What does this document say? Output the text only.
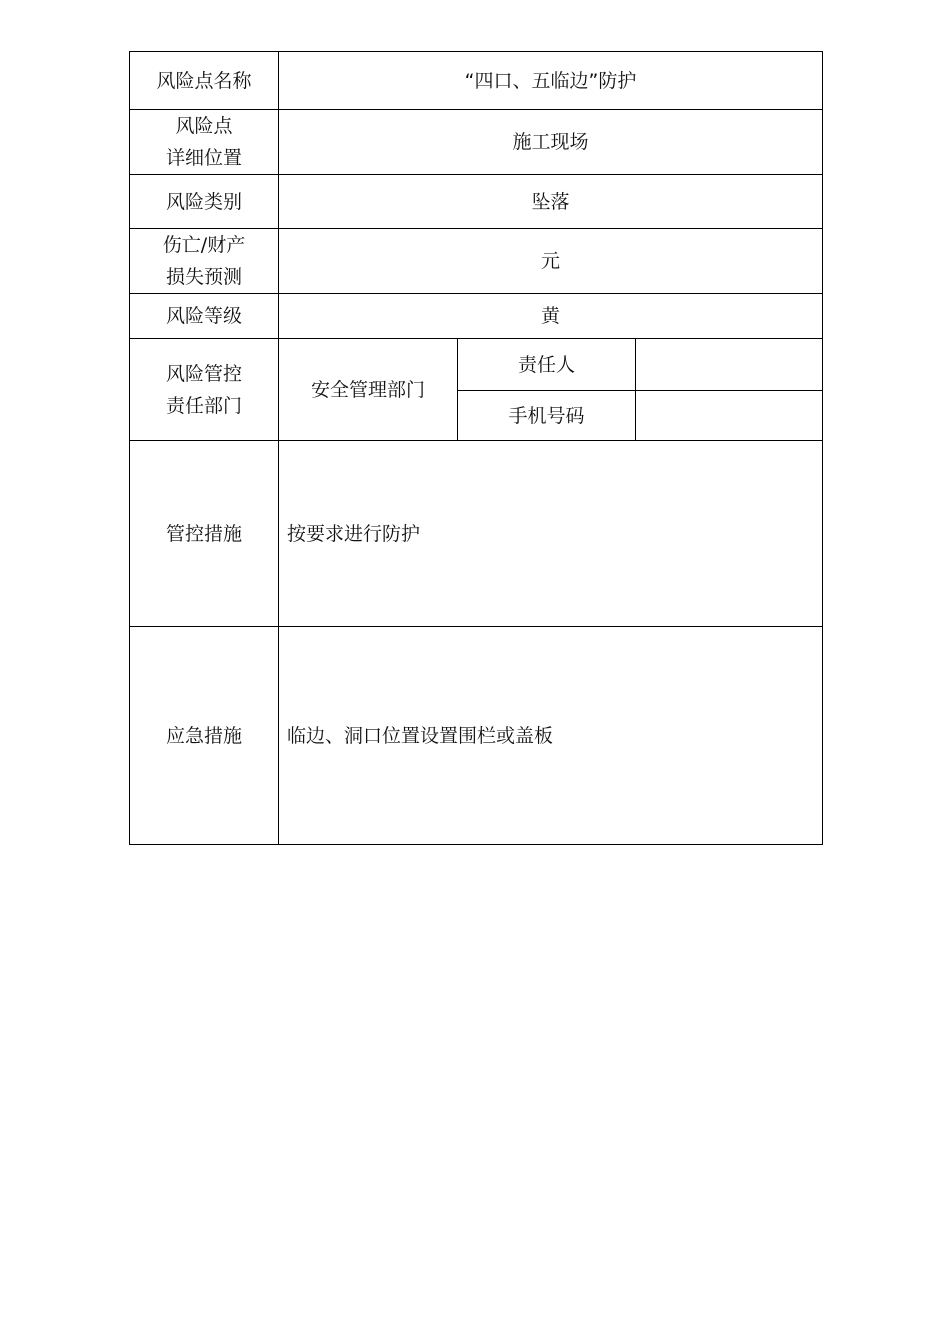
风险点名称	“四口、五临边”防护		

风险点
详细位置	施工现场		
风险类别	坠落		

伤亡/财产
损失预测	元		
风险等级	黄		

风险管控
责任部门	安全管理部门	责任人	
		手机号码	
管控措施	按要求进行防护		
应急措施	临边、洞口位置设置围栏或盖板		
